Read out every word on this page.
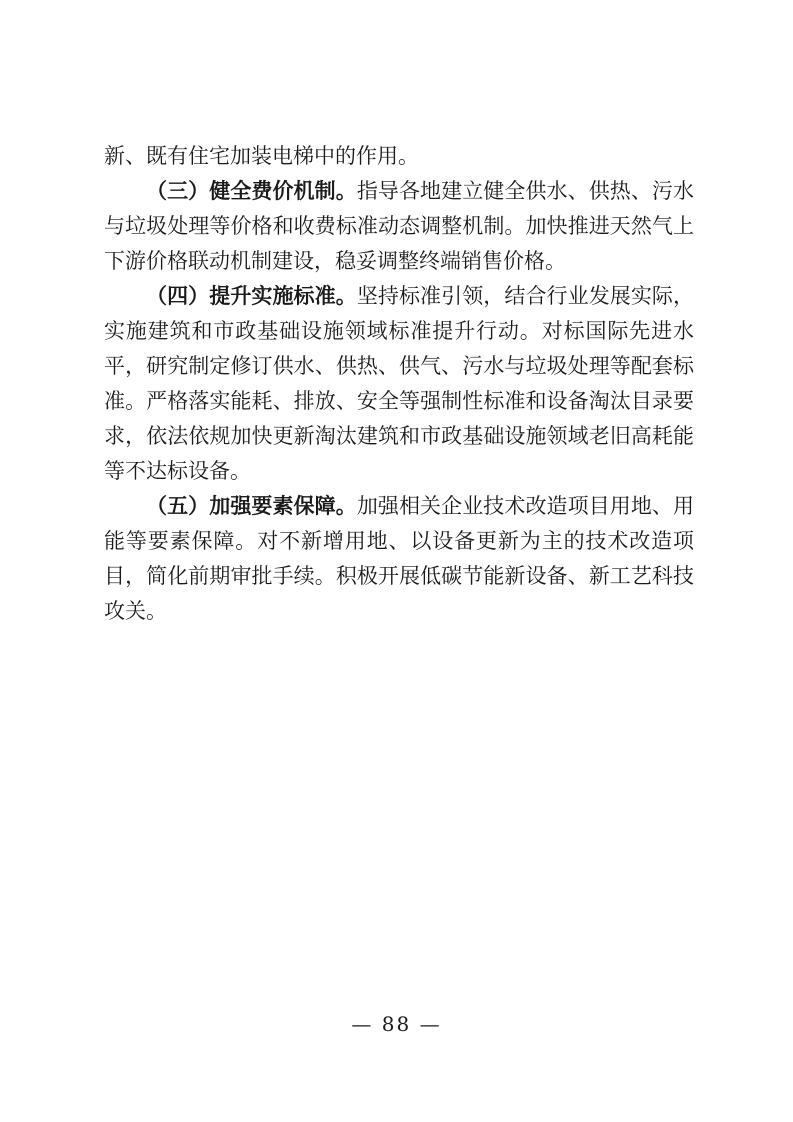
新、既有住宅加装电梯中的作用。

（三）健全费价机制。指导各地建立健全供水、供热、污水与垃圾处理等价格和收费标准动态调整机制。加快推进天然气上下游价格联动机制建设，稳妥调整终端销售价格。

（四）提升实施标准。坚持标准引领，结合行业发展实际，实施建筑和市政基础设施领域标准提升行动。对标国际先进水平，研究制定修订供水、供热、供气、污水与垃圾处理等配套标准。严格落实能耗、排放、安全等强制性标准和设备淘汰目录要求，依法依规加快更新淘汰建筑和市政基础设施领域老旧高耗能等不达标设备。

（五）加强要素保障。加强相关企业技术改造项目用地、用能等要素保障。对不新增用地、以设备更新为主的技术改造项目，简化前期审批手续。积极开展低碳节能新设备、新工艺科技攻关。

— 88 —
